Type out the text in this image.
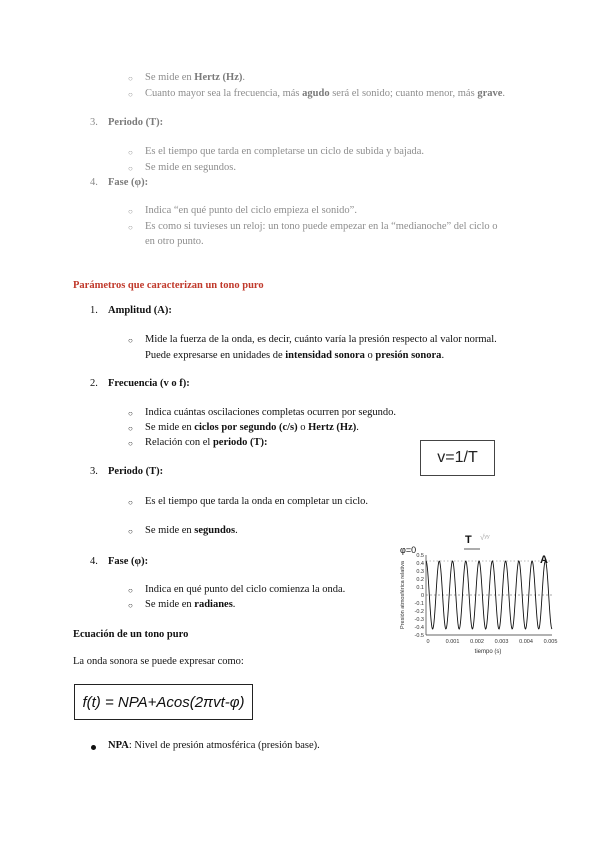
○ Se mide en Hertz (Hz).
○ Cuanto mayor sea la frecuencia, más agudo será el sonido; cuanto menor, más grave.
3. Periodo (T):
○ Es el tiempo que tarda en completarse un ciclo de subida y bajada.
○ Se mide en segundos.
4. Fase (φ):
○ Indica “en qué punto del ciclo empieza el sonido”.
○ Es como si tuvieses un reloj: un tono puede empezar en la “medianoche” del ciclo o
en otro punto.
Parámetros que caracterizan un tono puro
1. Amplitud (A):
○ Mide la fuerza de la onda, es decir, cuánto varía la presión respecto al valor normal.
Puede expresarse en unidades de intensidad sonora o presión sonora.
2. Frecuencia (v o f):
○ Indica cuántas oscilaciones completas ocurren por segundo.
○ Se mide en ciclos por segundo (c/s) o Hertz (Hz).
○ Relación con el periodo (T):
v=1/T
3. Periodo (T):
○ Es el tiempo que tarda la onda en completar un ciclo.
○ Se mide en segundos.
4. Fase (φ):
○ Indica en qué punto del ciclo comienza la onda.
○ Se mide en radianes.
φ=0
T
A
√ʸʸ
0.5
0.4
0.3
0.2
0.1
0
-0.1
-0.2
-0.3
-0.4
-0.5
0	0.001 0.002 0.003 0.004 0.005
tiempo (s)
Presión atmosférica relativa
Ecuación de un tono puro
La onda sonora se puede expresar como:
f(t) = NPA+Acos(2πvt-φ)
NPA: Nivel de presión atmosférica (presión base).
